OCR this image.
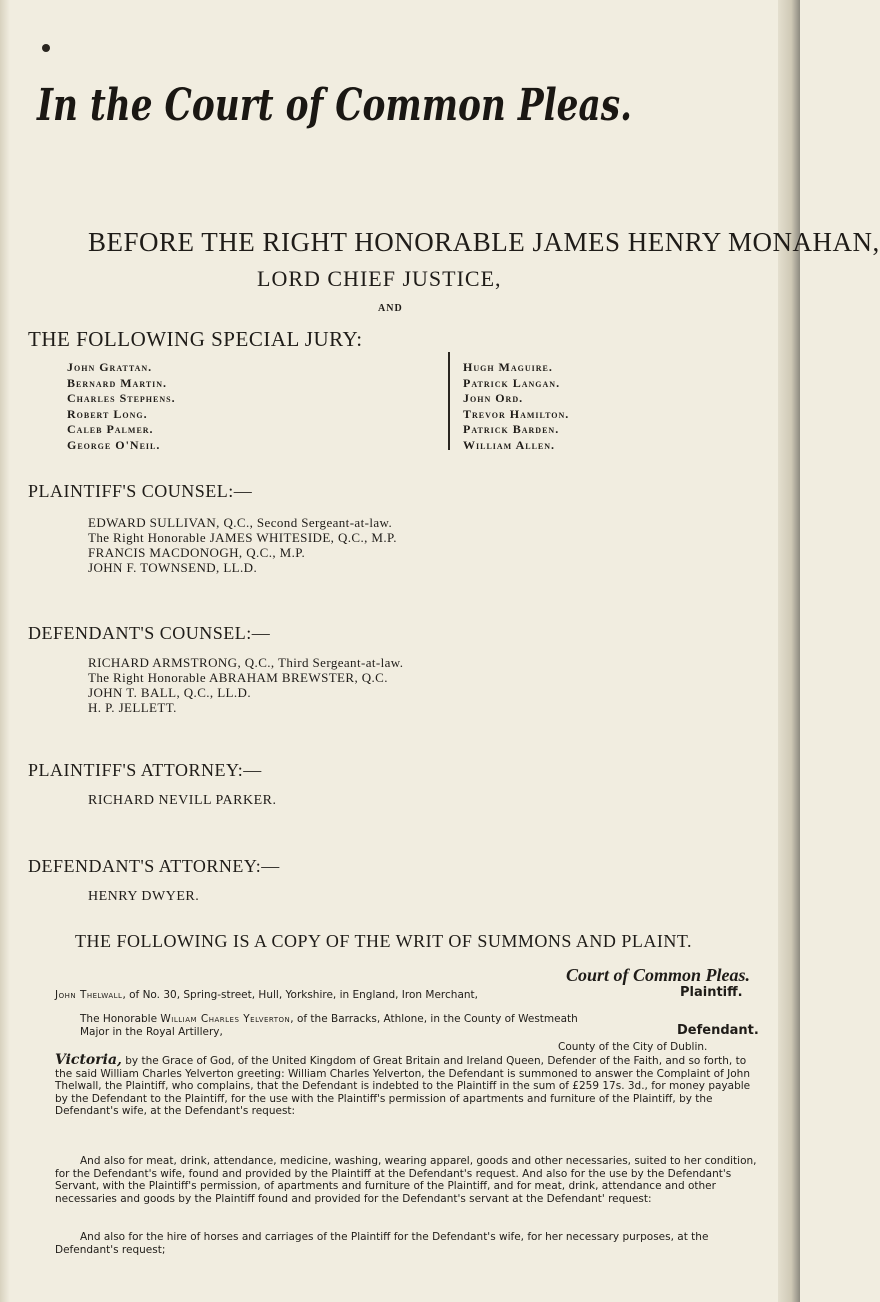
In the Court of Common Pleas.
BEFORE THE RIGHT HONORABLE JAMES HENRY MONAHAN,
LORD CHIEF JUSTICE,
AND
THE FOLLOWING SPECIAL JURY:
John Grattan.
Bernard Martin.
Charles Stephens.
Robert Long.
Caleb Palmer.
George O'Neil.
Hugh Maguire.
Patrick Langan.
John Ord.
Trevor Hamilton.
Patrick Barden.
William Allen.
PLAINTIFF'S COUNSEL:—
EDWARD SULLIVAN, Q.C., Second Sergeant-at-law.
The Right Honorable JAMES WHITESIDE, Q.C., M.P.
FRANCIS MACDONOGH, Q.C., M.P.
JOHN F. TOWNSEND, LL.D.
DEFENDANT'S COUNSEL:—
RICHARD ARMSTRONG, Q.C., Third Sergeant-at-law.
The Right Honorable ABRAHAM BREWSTER, Q.C.
JOHN T. BALL, Q.C., LL.D.
H. P. JELLETT.
PLAINTIFF'S ATTORNEY:—
RICHARD NEVILL PARKER.
DEFENDANT'S ATTORNEY:—
HENRY DWYER.
THE FOLLOWING IS A COPY OF THE WRIT OF SUMMONS AND PLAINT.
Court of Common Pleas.
John Thelwall, of No. 30, Spring-street, Hull, Yorkshire, in England, Iron Merchant,	Plaintiff.
The Honorable William Charles Yelverton, of the Barracks, Athlone, in the County of Westmeath
Major in the Royal Artillery,	Defendant.
County of the City of Dublin.
Victoria, by the Grace of God, of the United Kingdom of Great Britain and Ireland Queen, Defender of the Faith, and so forth, to the said William Charles Yelverton greeting: William Charles Yelverton, the Defendant is summoned to answer the Complaint of John Thelwall, the Plaintiff, who complains, that the Defendant is indebted to the Plaintiff in the sum of £259 17s. 3d., for money payable by the Defendant to the Plaintiff, for the use with the Plaintiff's permission of apartments and furniture of the Plaintiff, by the Defendant's wife, at the Defendant's request:
And also for meat, drink, attendance, medicine, washing, wearing apparel, goods and other necessaries, suited to her condition, for the Defendant's wife, found and provided by the Plaintiff at the Defendant's request. And also for the use by the Defendant's Servant, with the Plaintiff's permission, of apartments and furniture of the Plaintiff, and for meat, drink, attendance and other necessaries and goods by the Plaintiff found and provided for the Defendant's servant at the Defendant' request:
And also for the hire of horses and carriages of the Plaintiff for the Defendant's wife, for her necessary purposes, at the Defendant's request;
